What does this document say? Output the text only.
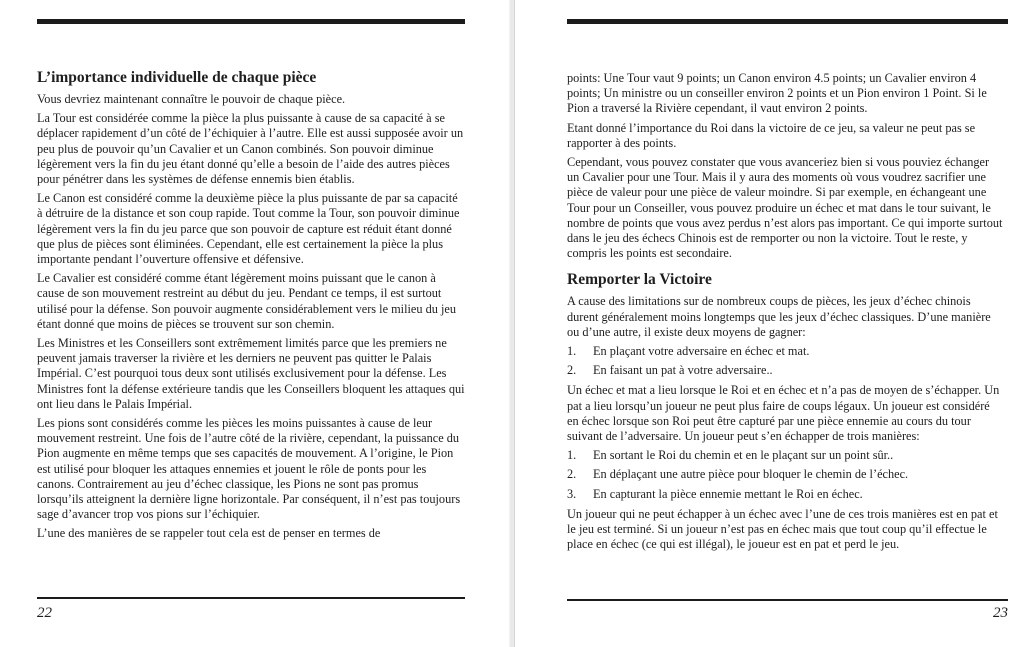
L’importance individuelle de chaque pièce

Vous devriez maintenant connaître le pouvoir de chaque pièce.

La Tour est considérée comme la pièce la plus puissante à cause de sa capacité à se déplacer rapidement d’un côté de l’échiquier à l’autre. Elle est aussi supposée avoir un peu plus de pouvoir qu’un Cavalier et un Canon combinés. Son pouvoir diminue légèrement vers la fin du jeu étant donné qu’elle a besoin de l’aide des autres pièces pour pénétrer dans les systèmes de défense ennemis bien établis.

Le Canon est considéré comme la deuxième pièce la plus puissante de par sa capacité à détruire de la distance et son coup rapide. Tout comme la Tour, son pouvoir diminue légèrement vers la fin du jeu parce que son pouvoir de capture est réduit étant donné que plus de pièces sont éliminées. Cependant, elle est certainement la pièce la plus importante pendant l’ouverture offensive et défensive.

Le Cavalier est considéré comme étant légèrement moins puissant que le canon à cause de son mouvement restreint au début du jeu. Pendant ce temps, il est surtout utilisé pour la défense. Son pouvoir augmente considérablement vers le milieu du jeu étant donné que moins de pièces se trouvent sur son chemin.

Les Ministres et les Conseillers sont extrêmement limités parce que les premiers ne peuvent jamais traverser la rivière et les derniers ne peuvent pas quitter le Palais Impérial. C’est pourquoi tous deux sont utilisés exclusivement pour la défense. Les Ministres font la défense extérieure tandis que les Conseillers bloquent les attaques qui ont lieu dans le Palais Impérial.

Les pions sont considérés comme les pièces les moins puissantes à cause de leur mouvement restreint. Une fois de l’autre côté de la rivière, cependant, la puissance du Pion augmente en même temps que ses capacités de mouvement. A l’origine, le Pion est utilisé pour bloquer les attaques ennemies et jouent le rôle de ponts pour les canons. Contrairement au jeu d’échec classique, les Pions ne sont pas promus lorsqu’ils atteignent la dernière ligne horizontale. Par conséquent, il n’est pas toujours sage d’avancer trop vos pions sur l’échiquier.

L’une des manières de se rappeler tout cela est de penser en termes de

22

points: Une Tour vaut 9 points; un Canon environ 4.5 points; un Cavalier environ 4 points; Un ministre ou un conseiller environ 2 points et un Pion environ 1 Point. Si le Pion a traversé la Rivière cependant, il vaut environ 2 points.

Etant donné l’importance du Roi dans la victoire de ce jeu, sa valeur ne peut pas se rapporter à des points.

Cependant, vous pouvez constater que vous avanceriez bien si vous pouviez échanger un Cavalier pour une Tour. Mais il y aura des moments où vous voudrez sacrifier une pièce de valeur pour une pièce de valeur moindre. Si par exemple, en échangeant une Tour pour un Conseiller, vous pouvez produire un échec et mat dans le tour suivant, le nombre de points que vous avez perdus n’est alors pas important. Ce qui importe surtout dans le jeu des échecs Chinois est de remporter ou non la victoire. Tout le reste, y compris les points est secondaire.

Remporter la Victoire

A cause des limitations sur de nombreux coups de pièces, les jeux d’échec chinois durent généralement moins longtemps que les jeux d’échec classiques. D’une manière ou d’une autre, il existe deux moyens de gagner:

1.	En plaçant votre adversaire en échec et mat.
2.	En faisant un pat à votre adversaire..

Un échec et mat a lieu lorsque le Roi et en échec et n’a pas de moyen de s’échapper. Un pat a lieu lorsqu’un joueur ne peut plus faire de coups légaux. Un joueur est considéré en échec lorsque son Roi peut être capturé par une pièce ennemie au cours du tour suivant de l’adversaire. Un joueur peut s’en échapper de trois manières:

1.	En sortant le Roi du chemin et en le plaçant sur un point sûr..
2.	En déplaçant une autre pièce pour bloquer le chemin de l’échec.
3.	En capturant la pièce ennemie mettant le Roi en échec.

Un joueur qui ne peut échapper à un échec avec l’une de ces trois manières est en pat et le jeu est terminé. Si un joueur n’est pas en échec mais que tout coup qu’il effectue le place en échec (ce qui est illégal), le joueur est en pat et perd le jeu.

23
